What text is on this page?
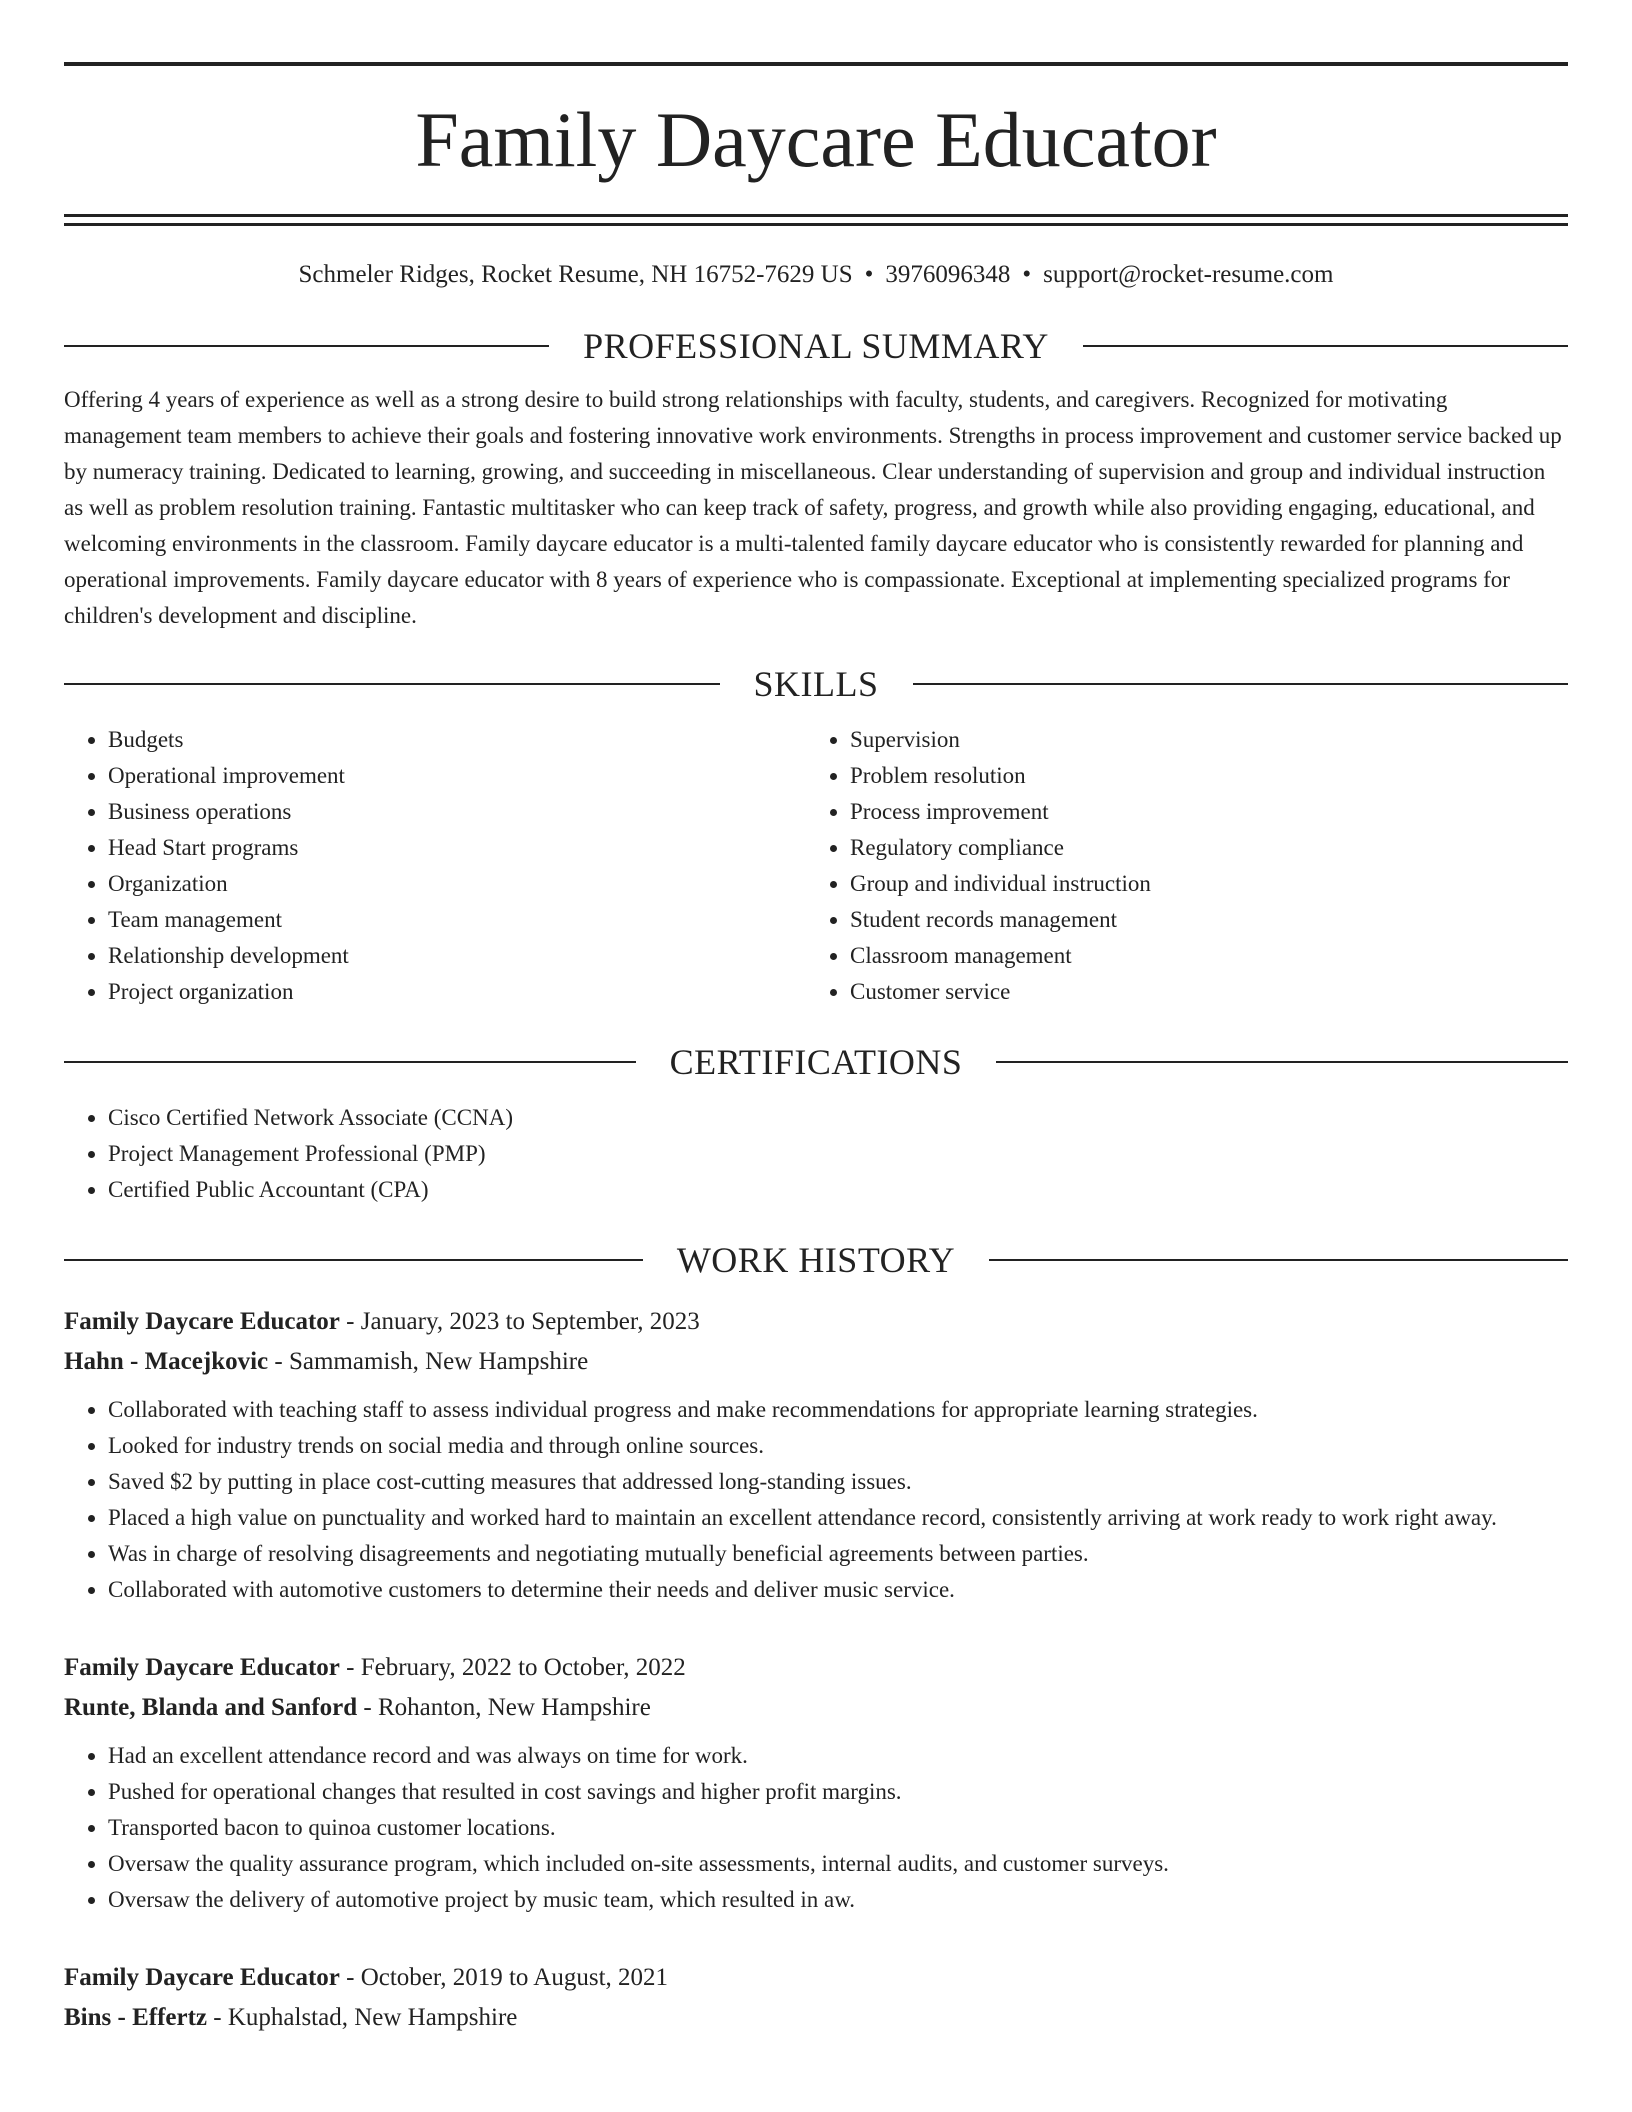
Family Daycare Educator
Schmeler Ridges, Rocket Resume, NH 16752-7629 US • 3976096348 • support@rocket-resume.com
PROFESSIONAL SUMMARY

Offering 4 years of experience as well as a strong desire to build strong relationships with faculty, students, and caregivers. Recognized for motivating management team members to achieve their goals and fostering innovative work environments. Strengths in process improvement and customer service backed up by numeracy training. Dedicated to learning, growing, and succeeding in miscellaneous. Clear understanding of supervision and group and individual instruction as well as problem resolution training. Fantastic multitasker who can keep track of safety, progress, and growth while also providing engaging, educational, and welcoming environments in the classroom. Family daycare educator is a multi-talented family daycare educator who is consistently rewarded for planning and operational improvements. Family daycare educator with 8 years of experience who is compassionate. Exceptional at implementing specialized programs for children's development and discipline.

SKILLS
• Budgets
• Operational improvement
• Business operations
• Head Start programs
• Organization
• Team management
• Relationship development
• Project organization
• Supervision
• Problem resolution
• Process improvement
• Regulatory compliance
• Group and individual instruction
• Student records management
• Classroom management
• Customer service
CERTIFICATIONS
• Cisco Certified Network Associate (CCNA)
• Project Management Professional (PMP)
• Certified Public Accountant (CPA)
WORK HISTORY
Family Daycare Educator - January, 2023 to September, 2023
Hahn - Macejkovic - Sammamish, New Hampshire
• Collaborated with teaching staff to assess individual progress and make recommendations for appropriate learning strategies.
• Looked for industry trends on social media and through online sources.
• Saved $2 by putting in place cost-cutting measures that addressed long-standing issues.
• Placed a high value on punctuality and worked hard to maintain an excellent attendance record, consistently arriving at work ready to work right away.
• Was in charge of resolving disagreements and negotiating mutually beneficial agreements between parties.
• Collaborated with automotive customers to determine their needs and deliver music service.
Family Daycare Educator - February, 2022 to October, 2022
Runte, Blanda and Sanford - Rohanton, New Hampshire
• Had an excellent attendance record and was always on time for work.
• Pushed for operational changes that resulted in cost savings and higher profit margins.
• Transported bacon to quinoa customer locations.
• Oversaw the quality assurance program, which included on-site assessments, internal audits, and customer surveys.
• Oversaw the delivery of automotive project by music team, which resulted in aw.
Family Daycare Educator - October, 2019 to August, 2021
Bins - Effertz - Kuphalstad, New Hampshire
